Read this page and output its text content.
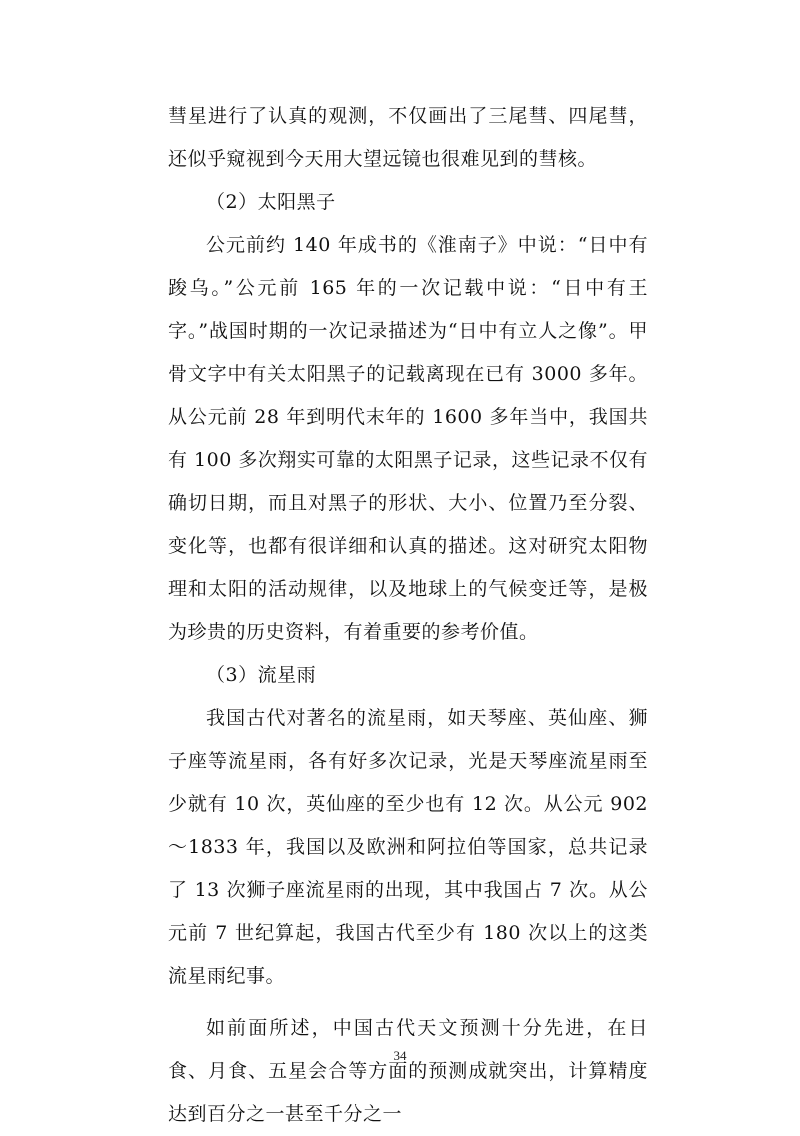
彗星进行了认真的观测，不仅画出了三尾彗、四尾彗，还似乎窥视到今天用大望远镜也很难见到的彗核。

（2）太阳黑子

公元前约 140 年成书的《淮南子》中说：“日中有踆乌。”公元前 165 年的一次记载中说：“日中有王字。”战国时期的一次记录描述为“日中有立人之像”。甲骨文字中有关太阳黑子的记载离现在已有 3000 多年。从公元前 28 年到明代末年的 1600 多年当中，我国共有 100 多次翔实可靠的太阳黑子记录，这些记录不仅有确切日期，而且对黑子的形状、大小、位置乃至分裂、变化等，也都有很详细和认真的描述。这对研究太阳物理和太阳的活动规律，以及地球上的气候变迁等，是极为珍贵的历史资料，有着重要的参考价值。

（3）流星雨

我国古代对著名的流星雨，如天琴座、英仙座、狮子座等流星雨，各有好多次记录，光是天琴座流星雨至少就有 10 次，英仙座的至少也有 12 次。从公元 902～1833 年，我国以及欧洲和阿拉伯等国家，总共记录了 13 次狮子座流星雨的出现，其中我国占 7 次。从公元前 7 世纪算起，我国古代至少有 180 次以上的这类流星雨纪事。

如前面所述，中国古代天文预测十分先进，在日食、月食、五星会合等方面的预测成就突出，计算精度达到百分之一甚至千分之一

34
